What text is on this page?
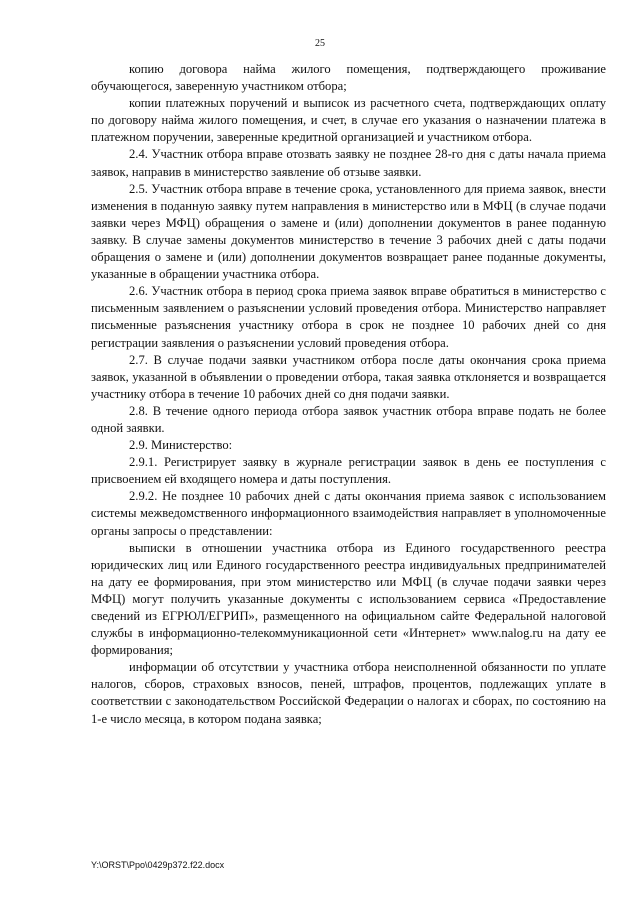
25

копию договора найма жилого помещения, подтверждающего проживание обучающегося, заверенную участником отбора;

копии платежных поручений и выписок из расчетного счета, подтверждающих оплату по договору найма жилого помещения, и счет, в случае его указания о назначении платежа в платежном поручении, заверенные кредитной организацией и участником отбора.

2.4. Участник отбора вправе отозвать заявку не позднее 28-го дня с даты начала приема заявок, направив в министерство заявление об отзыве заявки.

2.5. Участник отбора вправе в течение срока, установленного для приема заявок, внести изменения в поданную заявку путем направления в министерство или в МФЦ (в случае подачи заявки через МФЦ) обращения о замене и (или) дополнении документов в ранее поданную заявку. В случае замены документов министерство в течение 3 рабочих дней с даты подачи обращения о замене и (или) дополнении документов возвращает ранее поданные документы, указанные в обращении участника отбора.

2.6. Участник отбора в период срока приема заявок вправе обратиться в министерство с письменным заявлением о разъяснении условий проведения отбора. Министерство направляет письменные разъяснения участнику отбора в срок не позднее 10 рабочих дней со дня регистрации заявления о разъяснении условий проведения отбора.

2.7. В случае подачи заявки участником отбора после даты окончания срока приема заявок, указанной в объявлении о проведении отбора, такая заявка отклоняется и возвращается участнику отбора в течение 10 рабочих дней со дня подачи заявки.

2.8. В течение одного периода отбора заявок участник отбора вправе подать не более одной заявки.

2.9. Министерство:

2.9.1. Регистрирует заявку в журнале регистрации заявок в день ее поступления с присвоением ей входящего номера и даты поступления.

2.9.2. Не позднее 10 рабочих дней с даты окончания приема заявок с использованием системы межведомственного информационного взаимодействия направляет в уполномоченные органы запросы о представлении:

выписки в отношении участника отбора из Единого государственного реестра юридических лиц или Единого государственного реестра индивидуальных предпринимателей на дату ее формирования, при этом министерство или МФЦ (в случае подачи заявки через МФЦ) могут получить указанные документы с использованием сервиса «Предоставление сведений из ЕГРЮЛ/ЕГРИП», размещенного на официальном сайте Федеральной налоговой службы в информационно-телекоммуникационной сети «Интернет» www.nalog.ru на дату ее формирования;

информации об отсутствии у участника отбора неисполненной обязанности по уплате налогов, сборов, страховых взносов, пеней, штрафов, процентов, подлежащих уплате в соответствии с законодательством Российской Федерации о налогах и сборах, по состоянию на 1-е число месяца, в котором подана заявка;

Y:\ORST\Ppo\0429p372.f22.docx
